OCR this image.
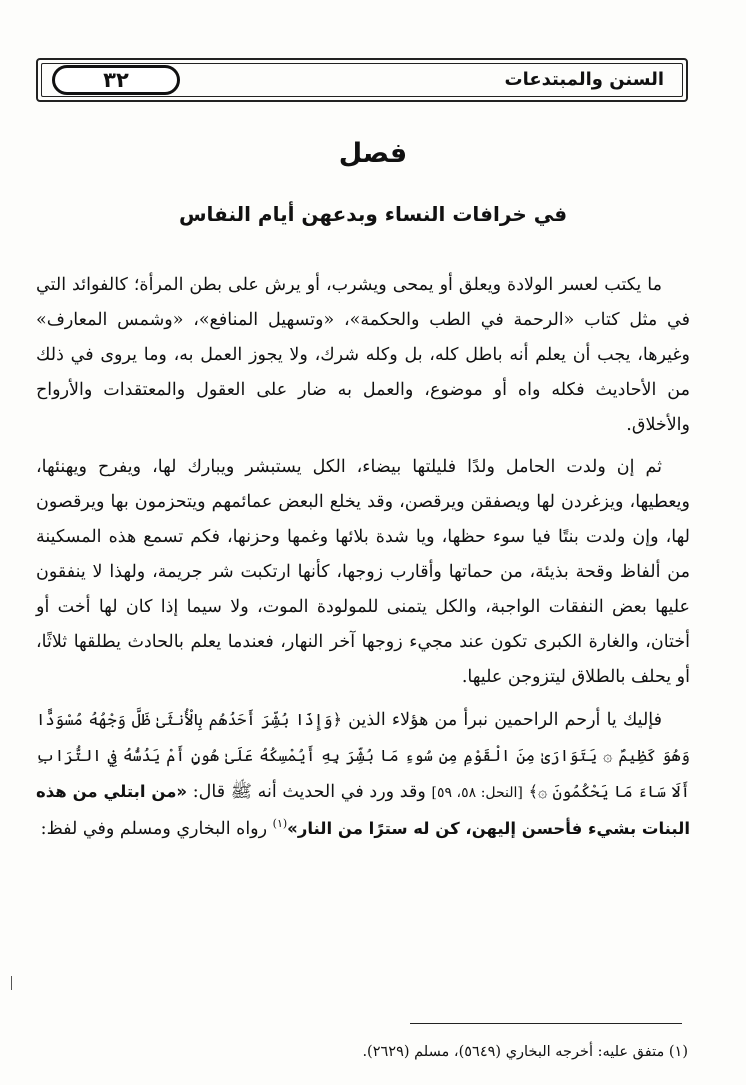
٣٢	السنن والمبتدعات
فصل
في خرافات النساء وبدعهن أيام النفاس

ما يكتب لعسر الولادة ويعلق أو يمحى ويشرب، أو يرش على بطن المرأة؛ كالفوائد التي في مثل كتاب «الرحمة في الطب والحكمة»، «وتسهيل المنافع»، «وشمس المعارف» وغيرها، يجب أن يعلم أنه باطل كله، بل وكله شرك، ولا يجوز العمل به، وما يروى في ذلك من الأحاديث فكله واه أو موضوع، والعمل به ضار على العقول والمعتقدات والأرواح والأخلاق.

ثم إن ولدت الحامل ولدًا فليلتها بيضاء، الكل يستبشر ويبارك لها، ويفرح ويهنئها، ويعطيها، ويزغردن لها ويصفقن ويرقصن، وقد يخلع البعض عمائمهم ويتحزمون بها ويرقصون لها، وإن ولدت بنتًا فيا سوء حظها، ويا شدة بلائها وغمها وحزنها، فكم تسمع هذه المسكينة من ألفاظ وقحة بذيئة، من حماتها وأقارب زوجها، كأنها ارتكبت شر جريمة، ولهذا لا ينفقون عليها بعض النفقات الواجبة، والكل يتمنى للمولودة الموت، ولا سيما إذا كان لها أخت أو أختان، والغارة الكبرى تكون عند مجيء زوجها آخر النهار، فعندما يعلم بالحادث يطلقها ثلاثًا، أو يحلف بالطلاق ليتزوجن عليها.

فإليك يا أرحم الراحمين نبرأ من هؤلاء الذين ﴿وَإِذَا بُشِّرَ أَحَدُهُم بِالْأُنثَىٰ ظَلَّ وَجْهُهُ مُسْوَدًّا وَهُوَ كَظِيمٌ ۞ يَتَوَارَىٰ مِنَ الْقَوْمِ مِن سُوءِ مَا بُشِّرَ بِهِ أَيُمْسِكُهُ عَلَىٰ هُونٍ أَمْ يَدُسُّهُ فِي التُّرَابِ أَلَا سَاءَ مَا يَحْكُمُونَ ۞﴾ [النحل: ٥٨، ٥٩] وقد ورد في الحديث أنه ﷺ قال: «من ابتلي من هذه البنات بشيء فأحسن إليهن، كن له سترًا من النار»$^{(١)}$ رواه البخاري ومسلم وفي لفظ:

(١) متفق عليه: أخرجه البخاري (٥٦٤٩)، مسلم (٢٦٢٩).
